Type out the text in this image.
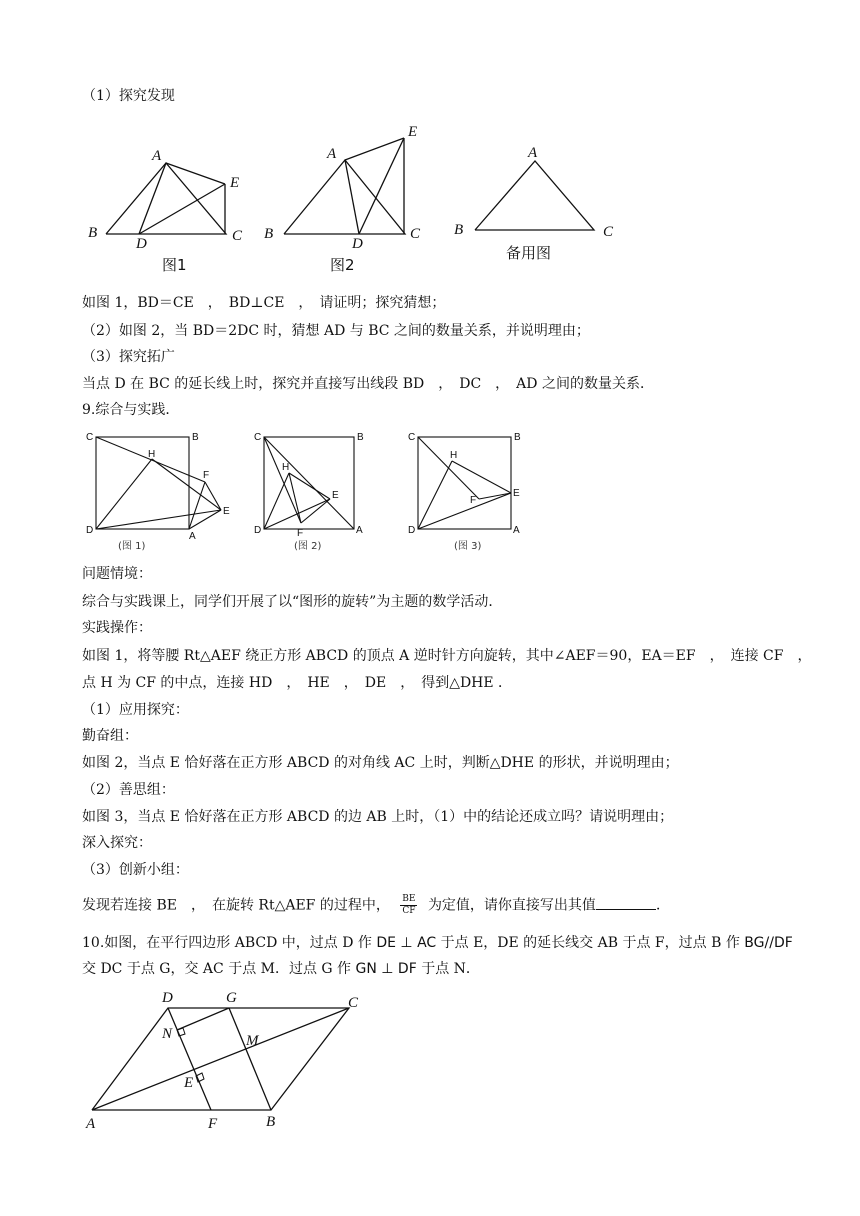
（1）探究发现
A
B	C
D
E
图1
A
B	C
D
E
图2
A
B	C
备用图
如图 1，BD＝CE　，　BD⊥CE　，　请证明；探究猜想；
（2）如图 2，当 BD＝2DC 时，猜想 AD 与 BC 之间的数量关系，并说明理由；
（3）探究拓广
当点 D 在 BC 的延长线上时，探究并直接写出线段 BD　，　DC　，　AD 之间的数量关系．
9.综合与实践．
C	B
D
A
H
F
E
(图 1)
C	B
D	A
H
E
F
(图 2)
C	B
D	A
H
E
F
(图 3)
问题情境：
综合与实践课上，同学们开展了以“图形的旋转”为主题的数学活动．
实践操作：
如图 1，将等腰 Rt△AEF 绕正方形 ABCD 的顶点 A 逆时针方向旋转，其中∠AEF＝90，EA＝EF　，　连接 CF　，
点 H 为 CF 的中点，连接 HD　，　HE　，　DE　，　得到△DHE ．
（1）应用探究：
勤奋组：
如图 2，当点 E 恰好落在正方形 ABCD 的对角线 AC 上时，判断△DHE 的形状，并说明理由；
（2）善思组：
如图 3，当点 E 恰好落在正方形 ABCD 的边 AB 上时，（1）中的结论还成立吗？请说明理由；
深入探究：
（3）创新小组：
发现若连接 BE　，　在旋转 Rt△AEF 的过程中， $\frac{BE}{CF}$ 为定值，请你直接写出其值	．
10.如图，在平行四边形 ABCD 中，过点 D 作 DE ⊥ AC 于点 E，DE 的延长线交 AB 于点 F，过点 B 作 BG//DF
交 DC 于点 G，交 AC 于点 M．过点 G 作 GN ⊥ DF 于点 N．
D	G	C
N	M
E
A	F	B
